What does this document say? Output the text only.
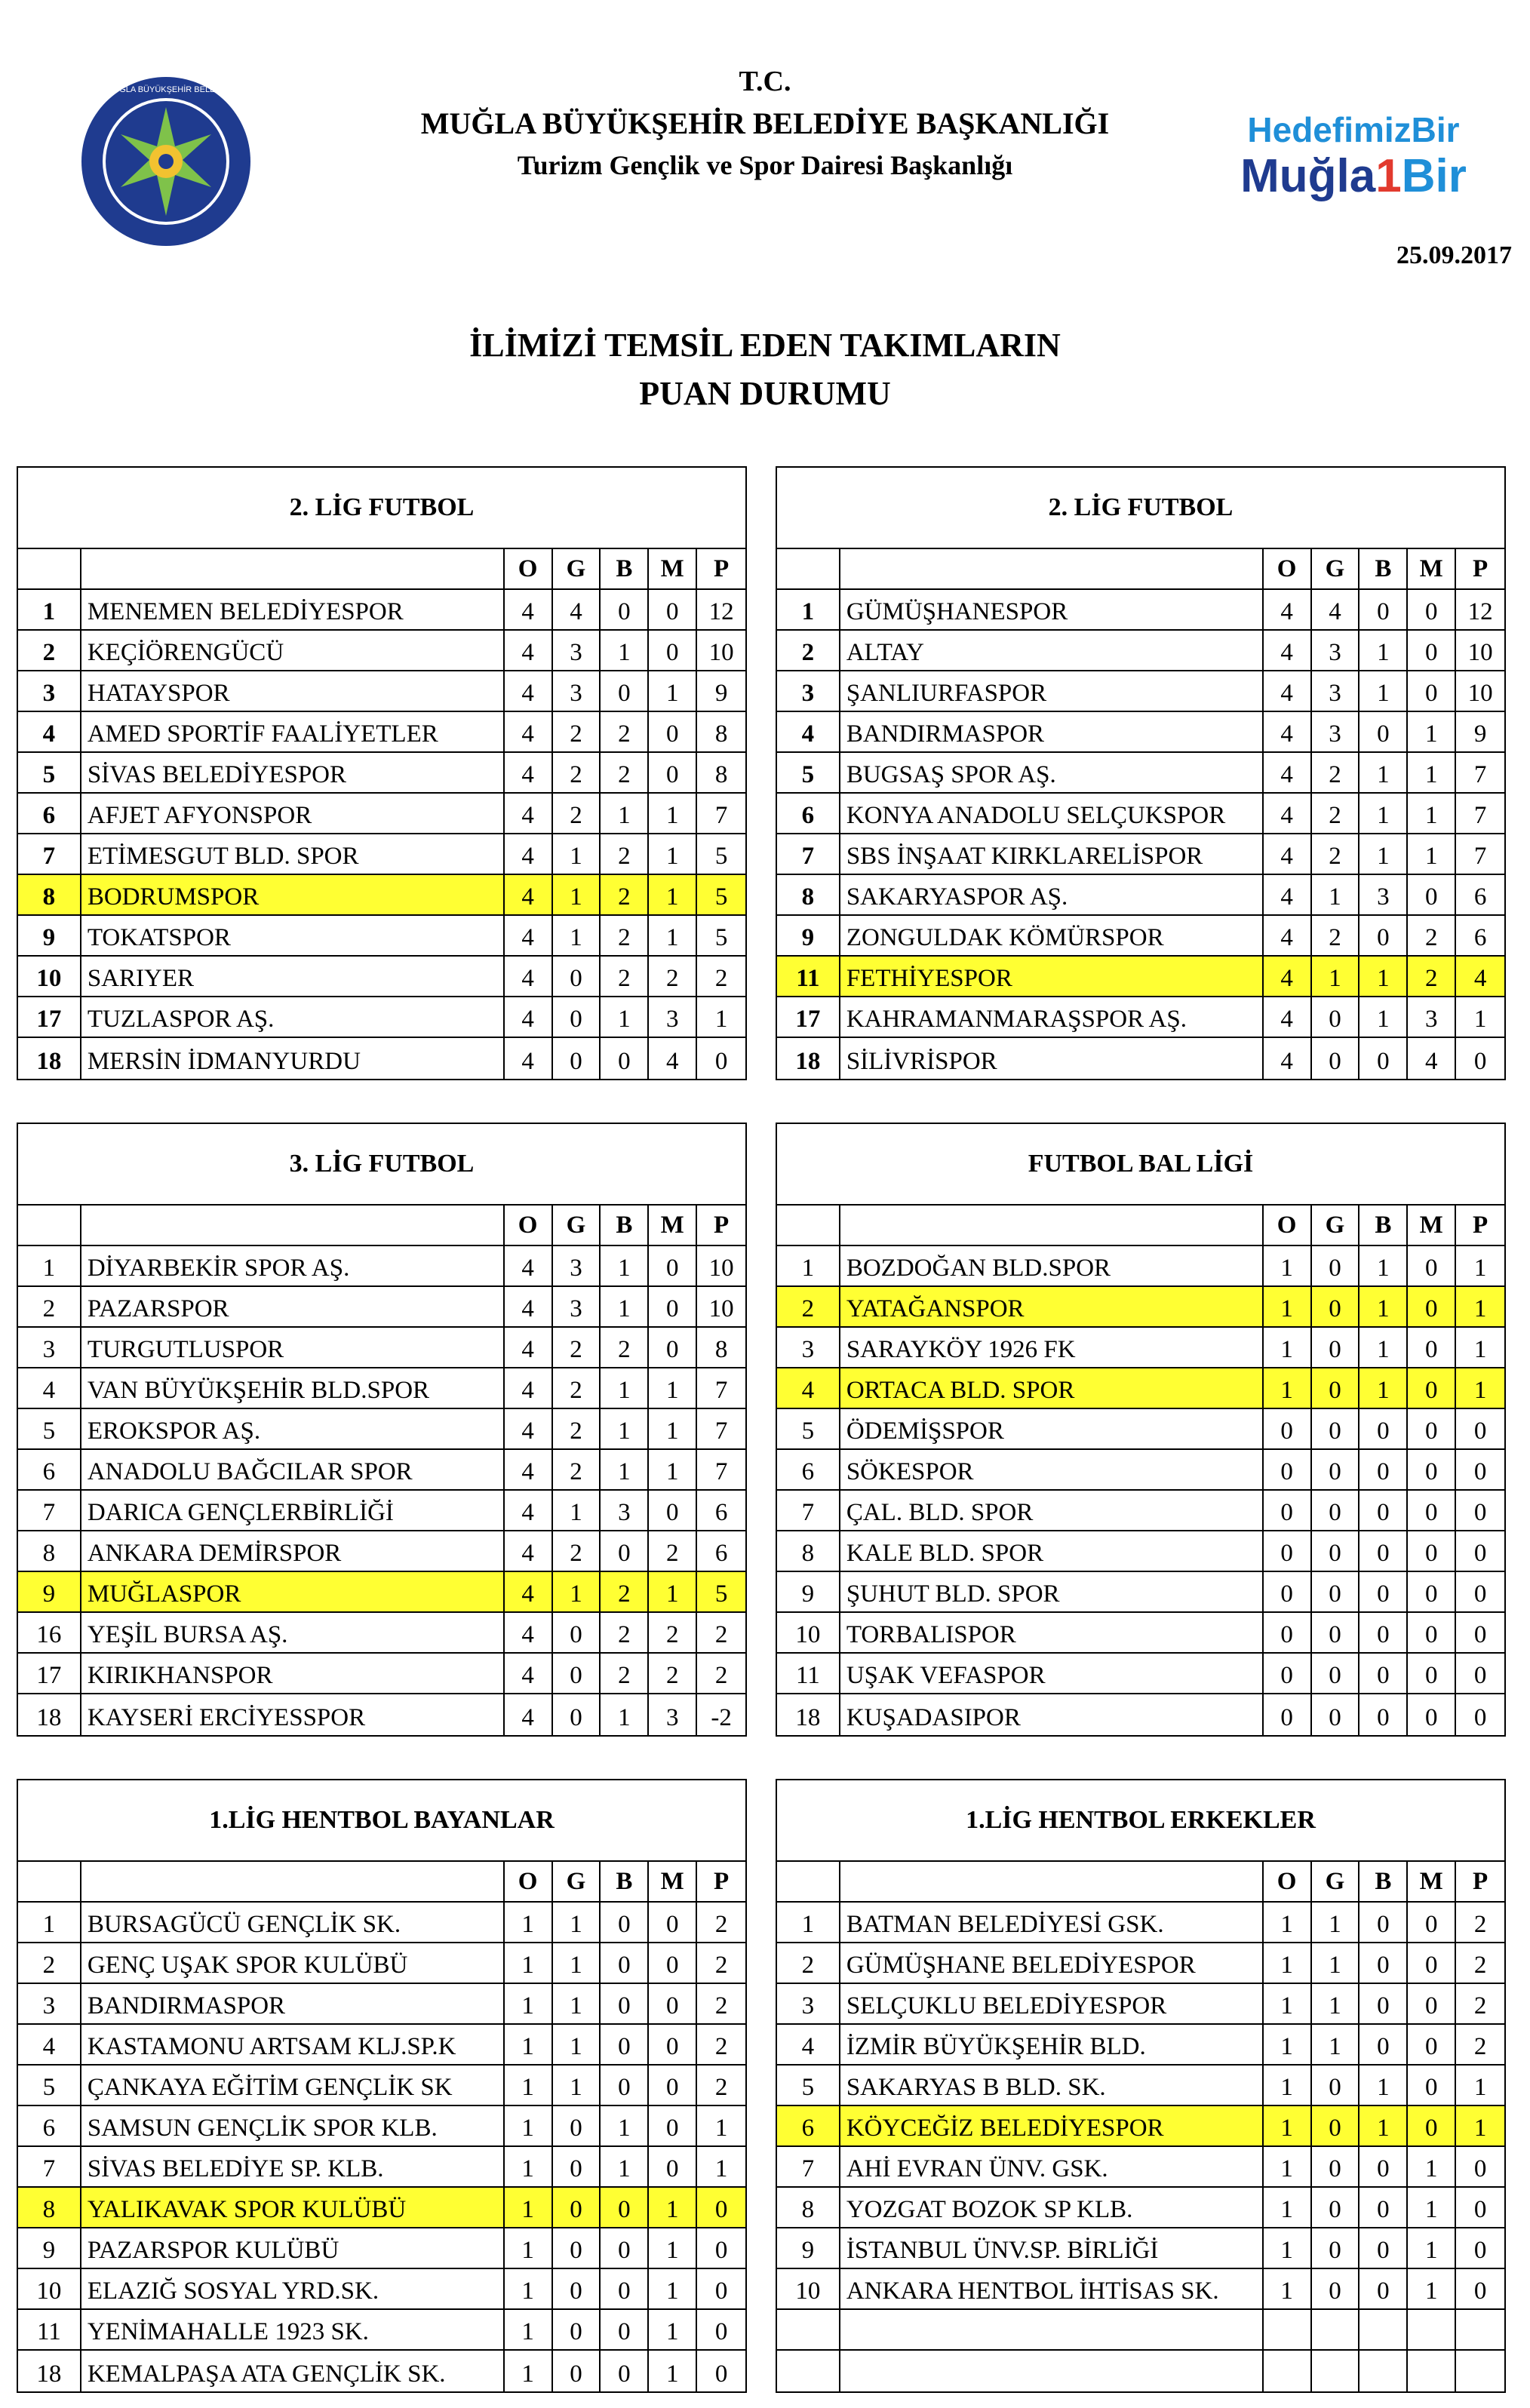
T.C. MUĞLA BÜYÜKŞEHİR BELEDİYESİ	T.C.
MUĞLA BÜYÜKŞEHİR BELEDİYE BAŞKANLIĞI
Turizm Gençlik ve Spor Dairesi Başkanlığı
HedefimizBir
Muğla1Bir
25.09.2017
İLİMİZİ TEMSİL EDEN TAKIMLARIN
PUAN DURUMU
2. LİG FUTBOL
O	G	B	M	P
1	MENEMEN BELEDİYESPOR	4	4	0	0	12
2	KEÇİÖRENGÜCÜ	4	3	1	0	10
3	HATAYSPOR	4	3	0	1	9
4	AMED SPORTİF FAALİYETLER	4	2	2	0	8
5	SİVAS BELEDİYESPOR	4	2	2	0	8
6	AFJET AFYONSPOR	4	2	1	1	7
7	ETİMESGUT BLD. SPOR	4	1	2	1	5
8	BODRUMSPOR	4	1	2	1	5
9	TOKATSPOR	4	1	2	1	5
10	SARIYER	4	0	2	2	2
17	TUZLASPOR AŞ.	4	0	1	3	1
18	MERSİN İDMANYURDU	4	0	0	4	0
2. LİG FUTBOL
O	G	B	M	P
1	GÜMÜŞHANESPOR	4	4	0	0	12
2	ALTAY	4	3	1	0	10
3	ŞANLIURFASPOR	4	3	1	0	10
4	BANDIRMASPOR	4	3	0	1	9
5	BUGSAŞ SPOR AŞ.	4	2	1	1	7
6	KONYA ANADOLU SELÇUKSPOR	4	2	1	1	7
7	SBS İNŞAAT KIRKLARELİSPOR	4	2	1	1	7
8	SAKARYASPOR AŞ.	4	1	3	0	6
9	ZONGULDAK KÖMÜRSPOR	4	2	0	2	6
11	FETHİYESPOR	4	1	1	2	4
17	KAHRAMANMARAŞSPOR AŞ.	4	0	1	3	1
18	SİLİVRİSPOR	4	0	0	4	0
3. LİG FUTBOL
O	G	B	M	P
1	DİYARBEKİR SPOR AŞ.	4	3	1	0	10
2	PAZARSPOR	4	3	1	0	10
3	TURGUTLUSPOR	4	2	2	0	8
4	VAN BÜYÜKŞEHİR BLD.SPOR	4	2	1	1	7
5	EROKSPOR AŞ.	4	2	1	1	7
6	ANADOLU BAĞCILAR SPOR	4	2	1	1	7
7	DARICA GENÇLERBİRLİĞİ	4	1	3	0	6
8	ANKARA DEMİRSPOR	4	2	0	2	6
9	MUĞLASPOR	4	1	2	1	5
16	YEŞİL BURSA AŞ.	4	0	2	2	2
17	KIRIKHANSPOR	4	0	2	2	2
18	KAYSERİ ERCİYESSPOR	4	0	1	3	-2
FUTBOL BAL LİGİ
O	G	B	M	P
1	BOZDOĞAN BLD.SPOR	1	0	1	0	1
2	YATAĞANSPOR	1	0	1	0	1
3	SARAYKÖY 1926 FK	1	0	1	0	1
4	ORTACA BLD. SPOR	1	0	1	0	1
5	ÖDEMİŞSPOR	0	0	0	0	0
6	SÖKESPOR	0	0	0	0	0
7	ÇAL. BLD. SPOR	0	0	0	0	0
8	KALE BLD. SPOR	0	0	0	0	0
9	ŞUHUT BLD. SPOR	0	0	0	0	0
10	TORBALISPOR	0	0	0	0	0
11	UŞAK VEFASPOR	0	0	0	0	0
18	KUŞADASIPOR	0	0	0	0	0
1.LİG HENTBOL BAYANLAR
O	G	B	M	P
1	BURSAGÜCÜ GENÇLİK SK.	1	1	0	0	2
2	GENÇ UŞAK SPOR KULÜBÜ	1	1	0	0	2
3	BANDIRMASPOR	1	1	0	0	2
4	KASTAMONU ARTSAM KLJ.SP.K	1	1	0	0	2
5	ÇANKAYA EĞİTİM GENÇLİK SK	1	1	0	0	2
6	SAMSUN GENÇLİK SPOR KLB.	1	0	1	0	1
7	SİVAS BELEDİYE SP. KLB.	1	0	1	0	1
8	YALIKAVAK SPOR KULÜBÜ	1	0	0	1	0
9	PAZARSPOR KULÜBÜ	1	0	0	1	0
10	ELAZIĞ SOSYAL YRD.SK.	1	0	0	1	0
11	YENİMAHALLE 1923 SK.	1	0	0	1	0
18	KEMALPAŞA ATA GENÇLİK SK.	1	0	0	1	0
1.LİG HENTBOL ERKEKLER
O	G	B	M	P
1	BATMAN BELEDİYESİ GSK.	1	1	0	0	2
2	GÜMÜŞHANE BELEDİYESPOR	1	1	0	0	2
3	SELÇUKLU BELEDİYESPOR	1	1	0	0	2
4	İZMİR BÜYÜKŞEHİR BLD.	1	1	0	0	2
5	SAKARYAS B BLD. SK.	1	0	1	0	1
6	KÖYCEĞİZ BELEDİYESPOR	1	0	1	0	1
7	AHİ EVRAN ÜNV. GSK.	1	0	0	1	0
8	YOZGAT BOZOK SP KLB.	1	0	0	1	0
9	İSTANBUL ÜNV.SP. BİRLİĞİ	1	0	0	1	0
10	ANKARA HENTBOL İHTİSAS SK.	1	0	0	1	0
